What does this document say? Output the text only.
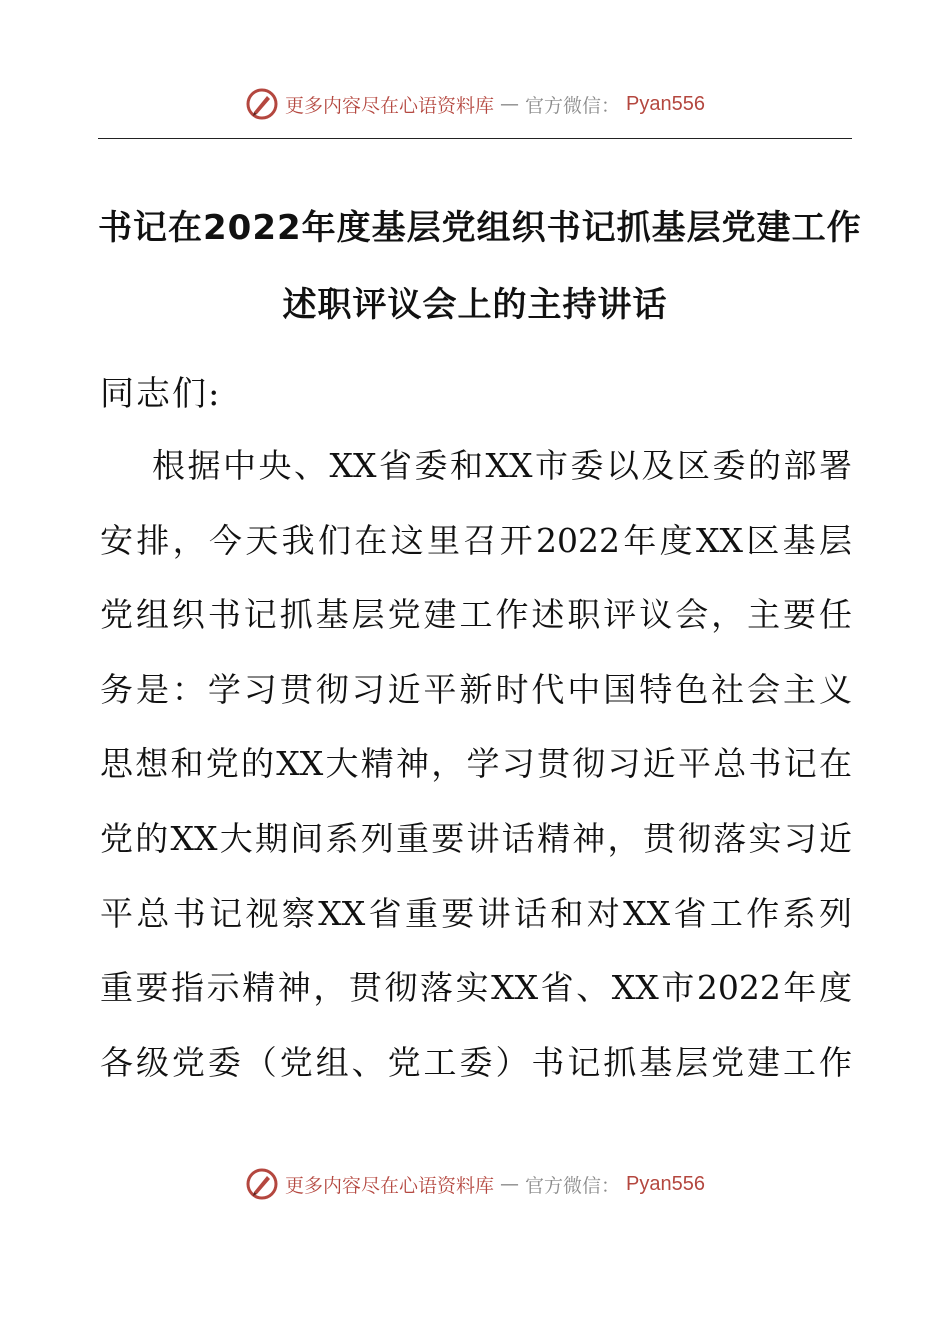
更多内容尽在心语资料库 — 官方微信： Pyan556
书记在2022年度基层党组织书记抓基层党建工作
述职评议会上的主持讲话
同志们:
根据中央、XX省委和XX市委以及区委的部署
安排，今天我们在这里召开2022年度XX区基层
党组织书记抓基层党建工作述职评议会，主要任
务是：学习贯彻习近平新时代中国特色社会主义
思想和党的XX大精神，学习贯彻习近平总书记在
党的XX大期间系列重要讲话精神，贯彻落实习近
平总书记视察XX省重要讲话和对XX省工作系列
重要指示精神，贯彻落实XX省、XX市2022年度
各级党委（党组、党工委）书记抓基层党建工作
更多内容尽在心语资料库 — 官方微信： Pyan556
